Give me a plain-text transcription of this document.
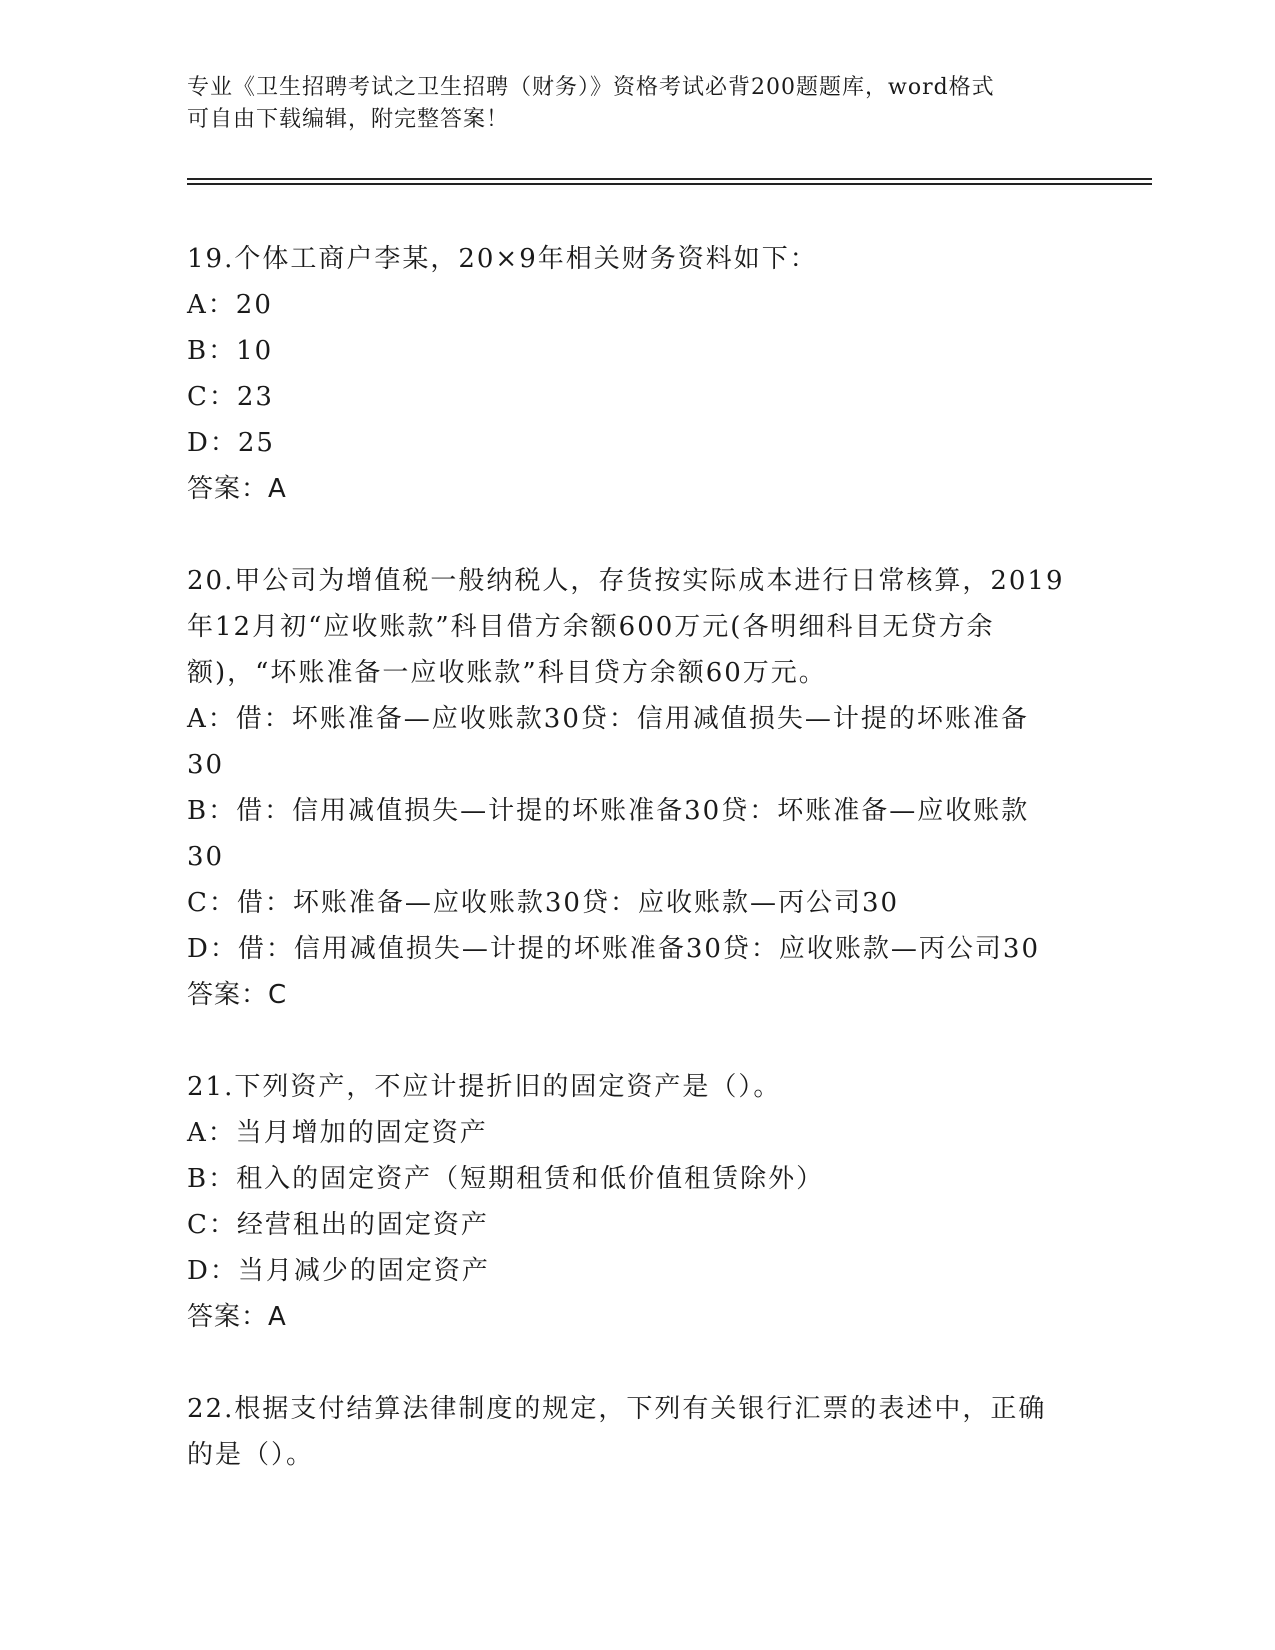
专业《卫生招聘考试之卫生招聘（财务）》资格考试必背200题题库，word格式
可自由下载编辑，附完整答案！
19.个体工商户李某，20×9年相关财务资料如下：
A：20
B：10
C：23
D：25
答案：A
20.甲公司为增值税一般纳税人，存货按实际成本进行日常核算，2019
年12月初“应收账款”科目借方余额600万元(各明细科目无贷方余
额)，“坏账准备一应收账款”科目贷方余额60万元。
A：借：坏账准备—应收账款30贷：信用减值损失—计提的坏账准备
30
B：借：信用减值损失—计提的坏账准备30贷：坏账准备—应收账款
30
C：借：坏账准备—应收账款30贷：应收账款—丙公司30
D：借：信用减值损失—计提的坏账准备30贷：应收账款—丙公司30
答案：C
21.下列资产，不应计提折旧的固定资产是（）。
A：当月增加的固定资产
B：租入的固定资产（短期租赁和低价值租赁除外）
C：经营租出的固定资产
D：当月减少的固定资产
答案：A
22.根据支付结算法律制度的规定，下列有关银行汇票的表述中，正确
的是（）。
